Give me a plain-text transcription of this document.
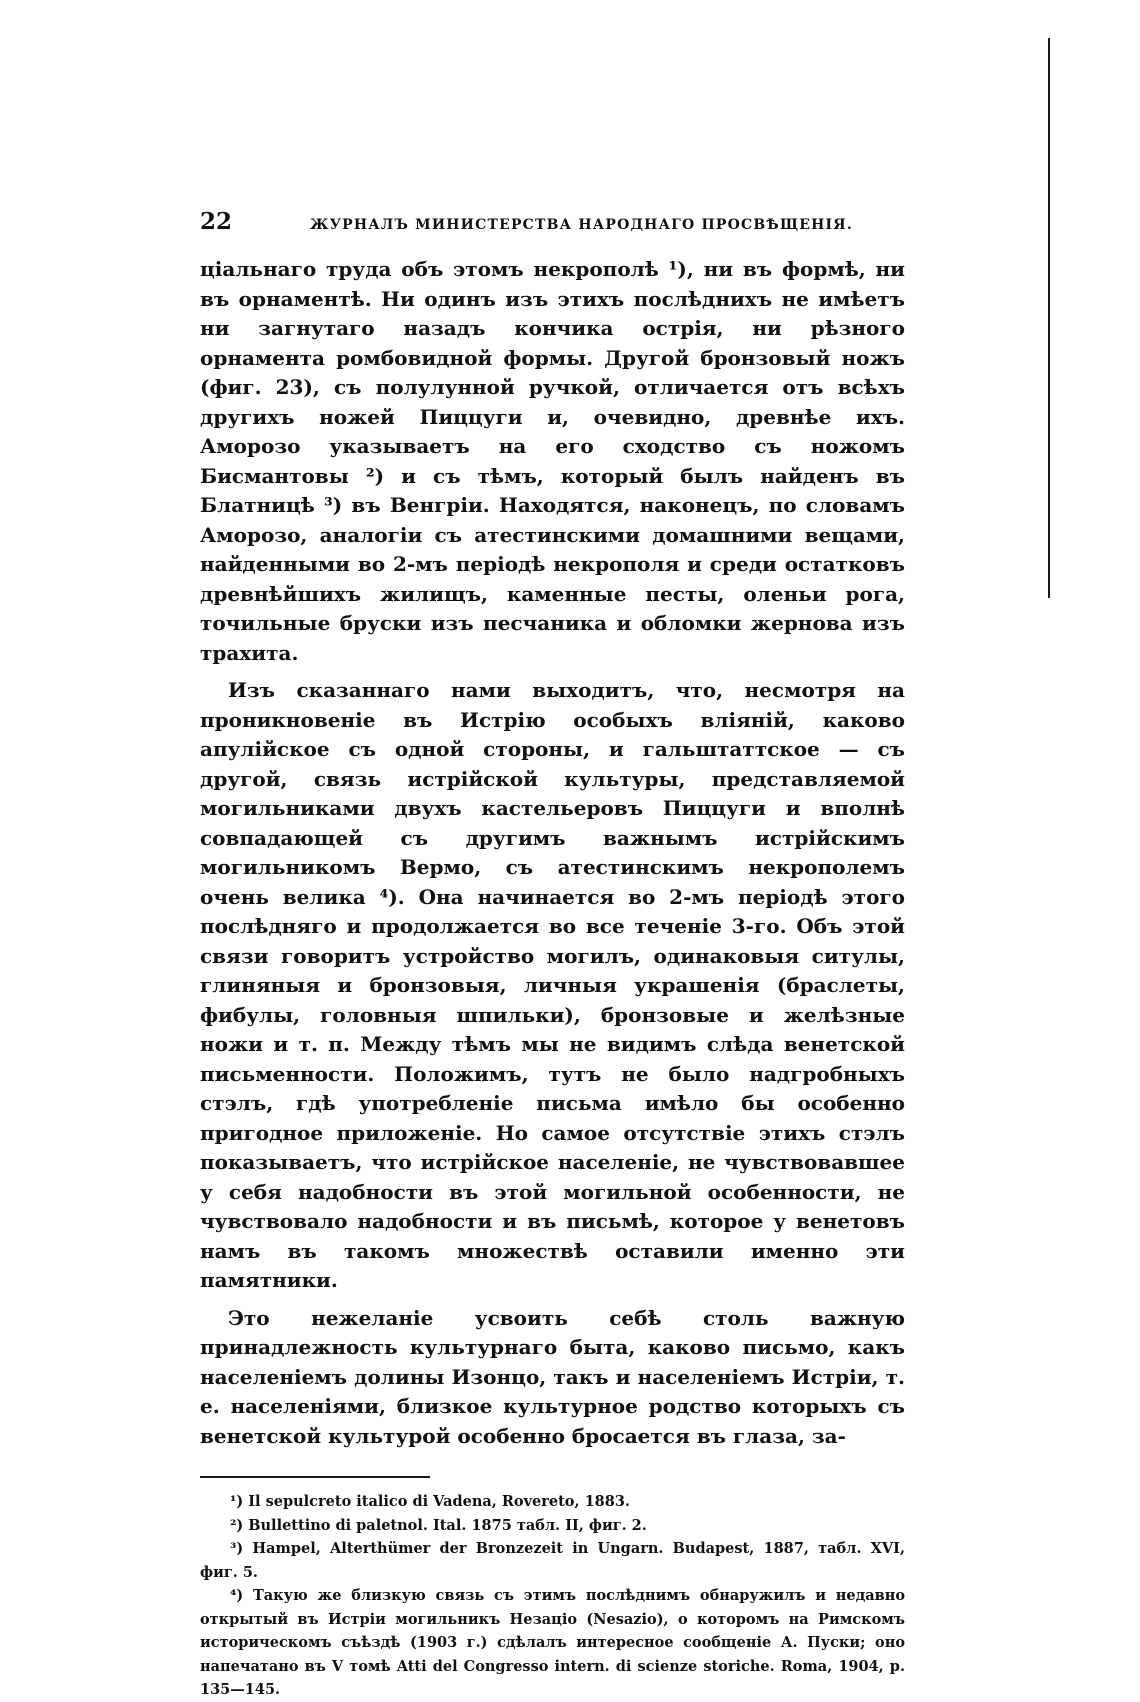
22	ЖУРНАЛЪ МИНИСТЕРСТВА НАРОДНАГО ПРОСВѢЩЕНІЯ.

ціальнаго труда объ этомъ некрополѣ ¹), ни въ формѣ, ни въ орнаментѣ. Ни одинъ изъ этихъ послѣднихъ не имѣетъ ни загнутаго назадъ кончика острія, ни рѣзного орнамента ромбовидной формы. Другой бронзовый ножъ (фиг. 23), съ полулунной ручкой, отличается отъ всѣхъ другихъ ножей Пиццуги и, очевидно, древнѣе ихъ. Аморозо указываетъ на его сходство съ ножомъ Бисмантовы ²) и съ тѣмъ, который былъ найденъ въ Блатницѣ ³) въ Венгріи. Находятся, наконецъ, по словамъ Аморозо, аналогіи съ атестинскими домашними вещами, найденными во 2-мъ періодѣ некрополя и среди остатковъ древнѣйшихъ жилищъ, каменные песты, оленьи рога, точильные бруски изъ песчаника и обломки жернова изъ трахита.

Изъ сказаннаго нами выходитъ, что, несмотря на проникновеніе въ Истрію особыхъ вліяній, каково апулійское съ одной стороны, и гальштаттское — съ другой, связь истрійской культуры, представляемой могильниками двухъ кастельеровъ Пиццуги и вполнѣ совпадающей съ другимъ важнымъ истрійскимъ могильникомъ Вермо, съ атестинскимъ некрополемъ очень велика ⁴). Она начинается во 2-мъ періодѣ этого послѣдняго и продолжается во все теченіе 3-го. Объ этой связи говоритъ устройство могилъ, одинаковыя ситулы, глиняныя и бронзовыя, личныя украшенія (браслеты, фибулы, головныя шпильки), бронзовые и желѣзные ножи и т. п. Между тѣмъ мы не видимъ слѣда венетской письменности. Положимъ, тутъ не было надгробныхъ стэлъ, гдѣ употребленіе письма имѣло бы особенно пригодное приложеніе. Но самое отсутствіе этихъ стэлъ показываетъ, что истрійское населеніе, не чувствовавшее у себя надобности въ этой могильной особенности, не чувствовало надобности и въ письмѣ, которое у венетовъ намъ въ такомъ множествѣ оставили именно эти памятники.

Это нежеланіе усвоить себѣ столь важную принадлежность культурнаго быта, каково письмо, какъ населеніемъ долины Изонцо, такъ и населеніемъ Истріи, т. е. населеніями, близкое культурное родство которыхъ съ венетской культурой особенно бросается въ глаза, за-

¹) Il sepulcreto italico di Vadena, Rovereto, 1883.

²) Bullettino di paletnol. Ital. 1875 табл. II, фиг. 2.

³) Hampel, Alterthümer der Bronzezeit in Ungarn. Budapest, 1887, табл. XVI, фиг. 5.

⁴) Такую же близкую связь съ этимъ послѣднимъ обнаружилъ и недавно открытый въ Истріи могильникъ Незаціо (Nesazio), о которомъ на Римскомъ историческомъ съѣздѣ (1903 г.) сдѣлалъ интересное сообщеніе А. Пуски; оно напечатано въ V томѣ Atti del Congresso intern. di scienze storiche. Roma, 1904, p. 135—145.
